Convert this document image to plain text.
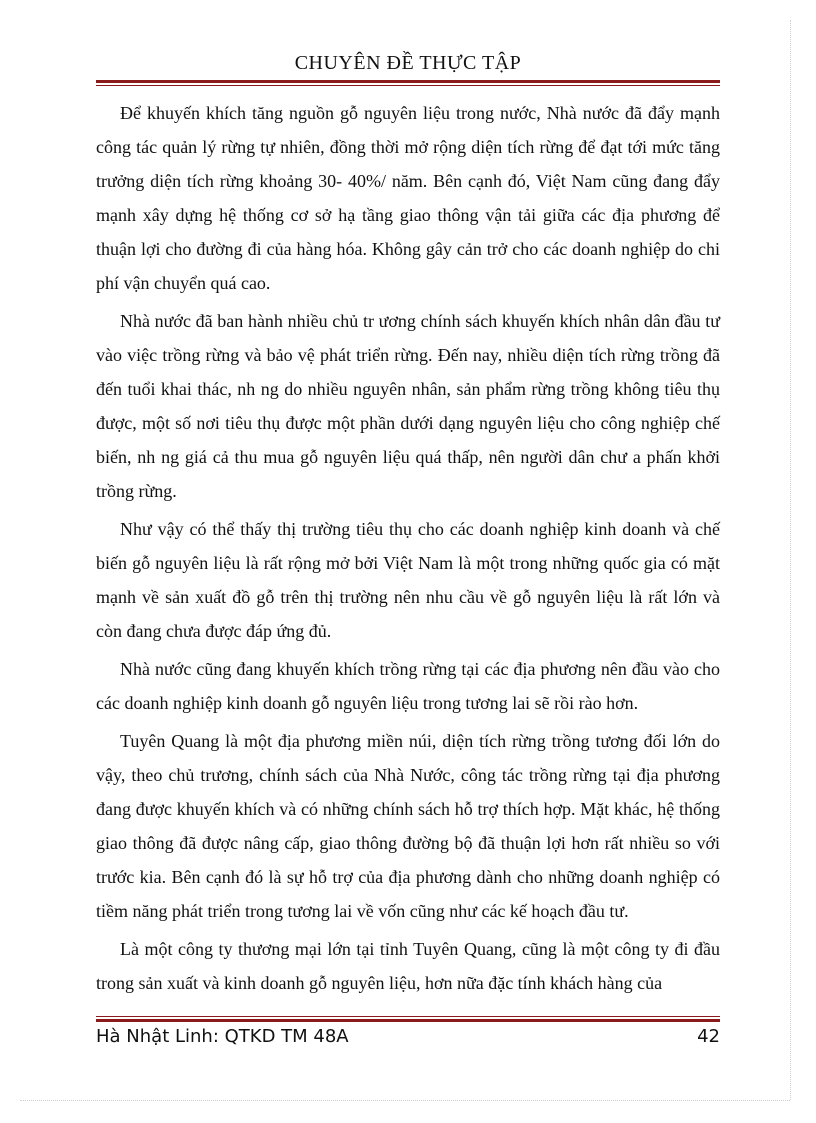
CHUYÊN ĐỀ THỰC TẬP

Để khuyến khích tăng nguồn gỗ nguyên liệu trong nước, Nhà nước đã đẩy mạnh công tác quản lý rừng tự nhiên, đồng thời mở rộng diện tích rừng để đạt tới mức tăng trưởng diện tích rừng khoảng 30- 40%/ năm. Bên cạnh đó, Việt Nam cũng đang đẩy mạnh xây dựng hệ thống cơ sở hạ tầng giao thông vận tải giữa các địa phương để thuận lợi cho đường đi của hàng hóa. Không gây cản trở cho các doanh nghiệp do chi phí vận chuyển quá cao.

Nhà nước đã ban hành nhiều chủ tr ương chính sách khuyến khích nhân dân đầu tư vào việc trồng rừng và bảo vệ phát triển rừng. Đến nay, nhiều diện tích rừng trồng đã đến tuổi khai thác, nh ng do nhiều nguyên nhân, sản phẩm rừng trồng không tiêu thụ được, một số nơi tiêu thụ được một phần dưới dạng nguyên liệu cho công nghiệp chế biến, nh ng giá cả thu mua gỗ nguyên liệu quá thấp, nên người dân chư a phấn khởi trồng rừng.

Như vậy có thể thấy thị trường tiêu thụ cho các doanh nghiệp kinh doanh và chế biến gỗ nguyên liệu là rất rộng mở bởi Việt Nam là một trong những quốc gia có mặt mạnh về sản xuất đồ gỗ trên thị trường nên nhu cầu về gỗ nguyên liệu là rất lớn và còn đang chưa được đáp ứng đủ.

Nhà nước cũng đang khuyến khích trồng rừng tại các địa phương nên đầu vào cho các doanh nghiệp kinh doanh gỗ nguyên liệu trong tương lai sẽ rồi rào hơn.

Tuyên Quang là một địa phương miền núi, diện tích rừng trồng tương đối lớn do vậy, theo chủ trương, chính sách của Nhà Nước, công tác trồng rừng tại địa phương đang được khuyến khích và có những chính sách hỗ trợ thích hợp. Mặt khác, hệ thống giao thông đã được nâng cấp, giao thông đường bộ đã thuận lợi hơn rất nhiều so với trước kia. Bên cạnh đó là sự hỗ trợ của địa phương dành cho những doanh nghiệp có tiềm năng phát triển trong tương lai về vốn cũng như các kế hoạch đầu tư.

Là một công ty thương mại lớn tại tỉnh Tuyên Quang, cũng là một công ty đi đầu trong sản xuất và kinh doanh gỗ nguyên liệu, hơn nữa đặc tính khách hàng của

Hà Nhật Linh: QTKD TM 48A	42
